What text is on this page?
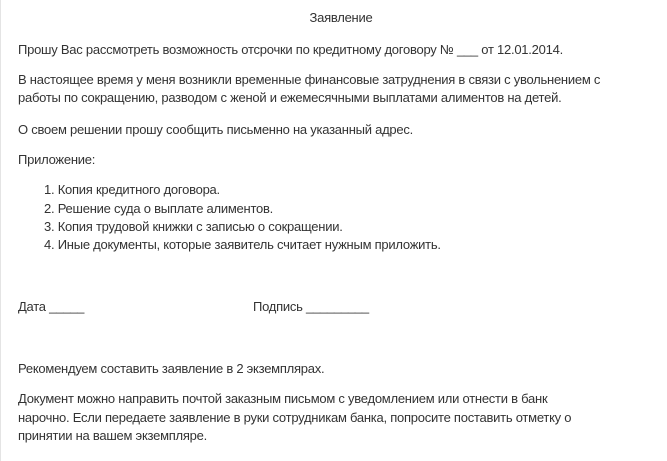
Заявление
Прошу Вас рассмотреть возможность отсрочки по кредитному договору № ___ от 12.01.2014.
В настоящее время у меня возникли временные финансовые затруднения в связи с увольнением с
работы по сокращению, разводом с женой и ежемесячными выплатами алиментов на детей.
О своем решении прошу сообщить письменно на указанный адрес.
Приложение:
1. Копия кредитного договора.
2. Решение суда о выплате алиментов.
3. Копия трудовой книжки с записью о сокращении.
4. Иные документы, которые заявитель считает нужным приложить.
Дата _____	Подпись _________
Рекомендуем составить заявление в 2 экземплярах.
Документ можно направить почтой заказным письмом с уведомлением или отнести в банк
нарочно. Если передаете заявление в руки сотрудникам банка, попросите поставить отметку о
принятии на вашем экземпляре.
